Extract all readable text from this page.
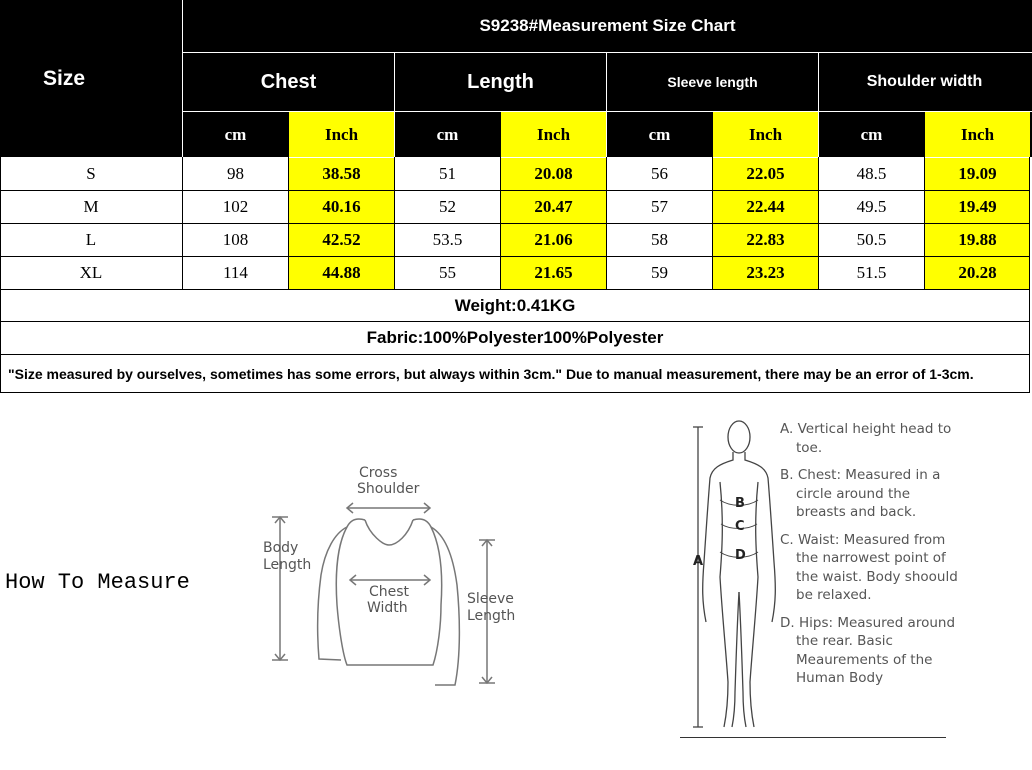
Size
S9238#Measurement Size Chart
Chest	Length	Sleeve length	Shoulder width
cm	Inch	cm	Inch	cm	Inch	cm	Inch
S	98	38.58	51	20.08	56	22.05	48.5	19.09
M	102	40.16	52	20.47	57	22.44	49.5	19.49
L	108	42.52	53.5	21.06	58	22.83	50.5	19.88
XL	114	44.88	55	21.65	59	23.23	51.5	20.28
Weight:0.41KG
Fabric:100%Polyester100%Polyester
"Size measured by ourselves, sometimes has some errors, but always within 3cm." Due to manual measurement, there may be an error of 1-3cm.
How To Measure
Cross
Shoulder
Body
Length
Chest
Width
Sleeve
Length
A
B
C
D

A. Vertical height head to toe.

B. Chest: Measured in a circle around the breasts and back.

C. Waist: Measured from the narrowest point of the waist. Body shoould be relaxed.

D. Hips: Measured around the rear. Basic Meaurements of the Human Body
